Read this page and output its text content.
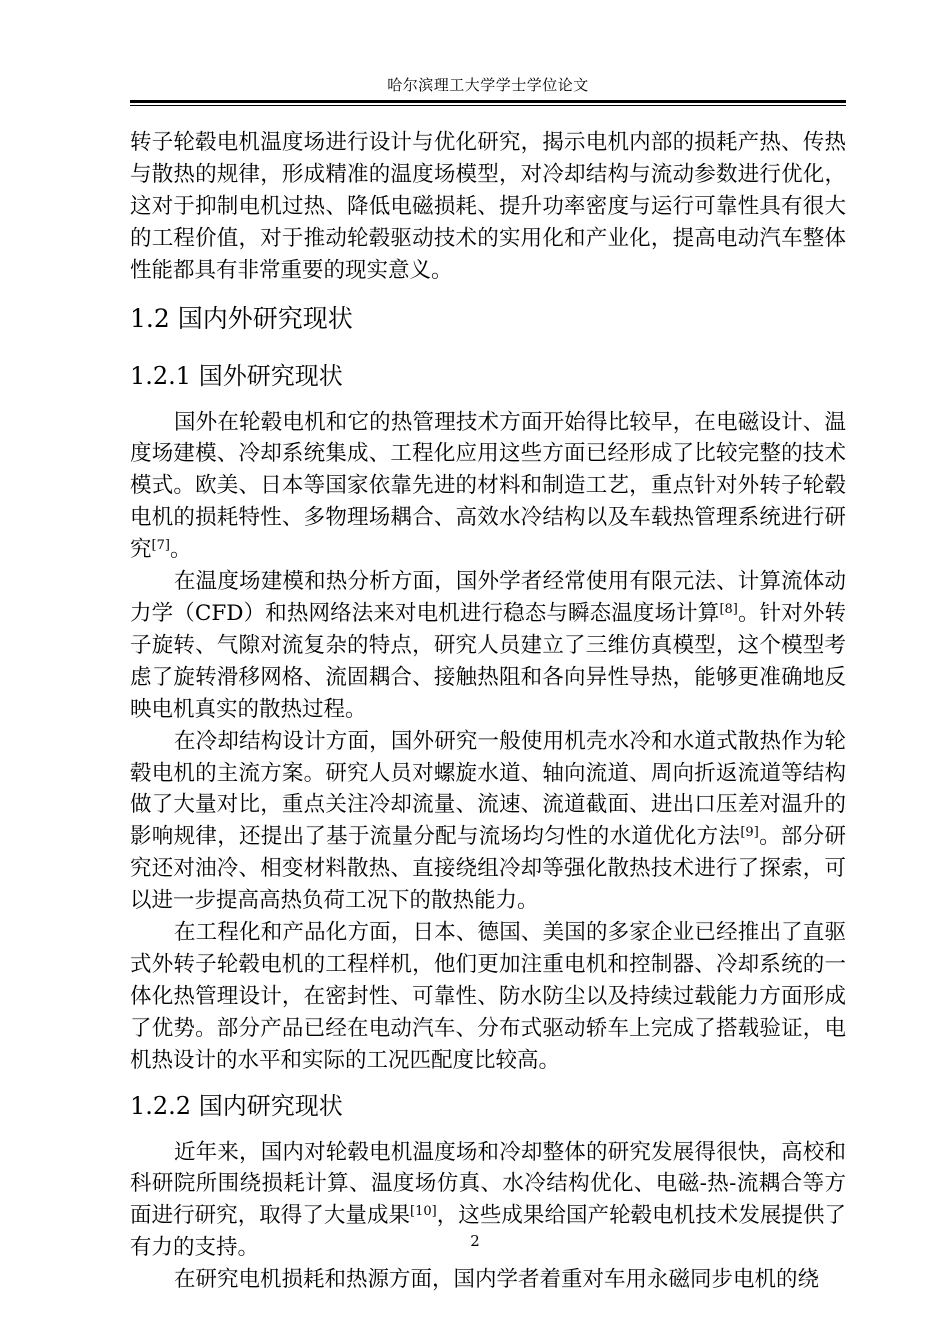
哈尔滨理工大学学士学位论文

转子轮毂电机温度场进行设计与优化研究，揭示电机内部的损耗产热、传热与散热的规律，形成精准的温度场模型，对冷却结构与流动参数进行优化，这对于抑制电机过热、降低电磁损耗、提升功率密度与运行可靠性具有很大的工程价值，对于推动轮毂驱动技术的实用化和产业化，提高电动汽车整体性能都具有非常重要的现实意义。

1.2 国内外研究现状
1.2.1 国外研究现状

国外在轮毂电机和它的热管理技术方面开始得比较早，在电磁设计、温度场建模、冷却系统集成、工程化应用这些方面已经形成了比较完整的技术模式。欧美、日本等国家依靠先进的材料和制造工艺，重点针对外转子轮毂电机的损耗特性、多物理场耦合、高效水冷结构以及车载热管理系统进行研究[7]。

在温度场建模和热分析方面，国外学者经常使用有限元法、计算流体动力学（CFD）和热网络法来对电机进行稳态与瞬态温度场计算[8]。针对外转子旋转、气隙对流复杂的特点，研究人员建立了三维仿真模型，这个模型考虑了旋转滑移网格、流固耦合、接触热阻和各向异性导热，能够更准确地反映电机真实的散热过程。

在冷却结构设计方面，国外研究一般使用机壳水冷和水道式散热作为轮毂电机的主流方案。研究人员对螺旋水道、轴向流道、周向折返流道等结构做了大量对比，重点关注冷却流量、流速、流道截面、进出口压差对温升的影响规律，还提出了基于流量分配与流场均匀性的水道优化方法[9]。部分研究还对油冷、相变材料散热、直接绕组冷却等强化散热技术进行了探索，可以进一步提高高热负荷工况下的散热能力。

在工程化和产品化方面，日本、德国、美国的多家企业已经推出了直驱式外转子轮毂电机的工程样机，他们更加注重电机和控制器、冷却系统的一体化热管理设计，在密封性、可靠性、防水防尘以及持续过载能力方面形成了优势。部分产品已经在电动汽车、分布式驱动轿车上完成了搭载验证，电机热设计的水平和实际的工况匹配度比较高。

1.2.2 国内研究现状

近年来，国内对轮毂电机温度场和冷却整体的研究发展得很快，高校和科研院所围绕损耗计算、温度场仿真、水冷结构优化、电磁-热-流耦合等方面进行研究，取得了大量成果[10]，这些成果给国产轮毂电机技术发展提供了有力的支持。

在研究电机损耗和热源方面，国内学者着重对车用永磁同步电机的绕

2
